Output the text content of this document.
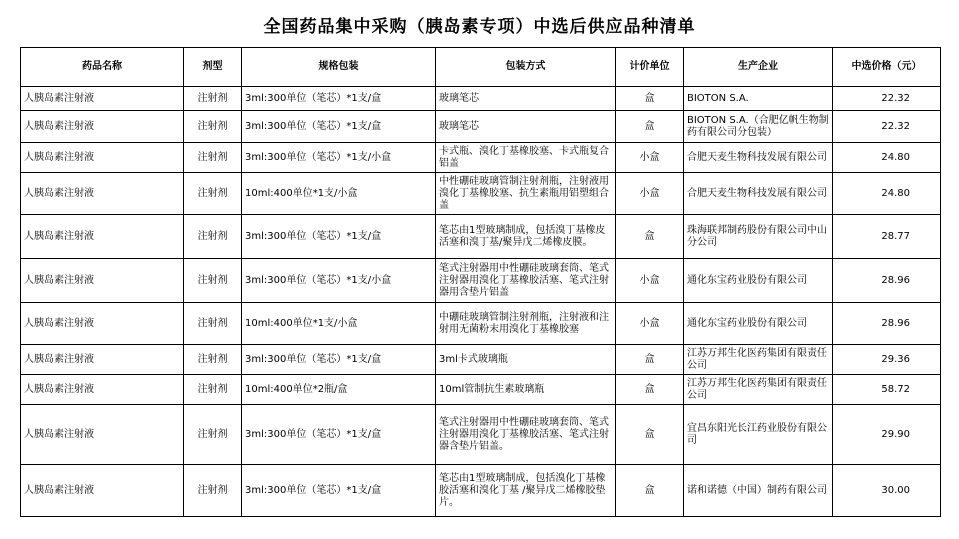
全国药品集中采购（胰岛素专项）中选后供应品种清单
药品名称	剂型	规格包装	包装方式	计价单位	生产企业	中选价格（元）
人胰岛素注射液	注射剂	3ml:300单位（笔芯）*1支/盒	玻璃笔芯	盒	BIOTON S.A.	22.32
人胰岛素注射液	注射剂	3ml:300单位（笔芯）*1支/盒	玻璃笔芯	盒	BIOTON S.A.（合肥亿帆生物制药有限公司分包装）	22.32
人胰岛素注射液	注射剂	3ml:300单位（笔芯）*1支/小盒	卡式瓶、溴化丁基橡胶塞、卡式瓶复合铝盖	小盒	合肥天麦生物科技发展有限公司	24.80
人胰岛素注射液	注射剂	10ml:400单位*1支/小盒	中性硼硅玻璃管制注射剂瓶，注射液用溴化丁基橡胶塞、抗生素瓶用铝塑组合盖	小盒	合肥天麦生物科技发展有限公司	24.80
人胰岛素注射液	注射剂	3ml:300单位（笔芯）*1支/盒	笔芯由1型玻璃制成，包括溴丁基橡皮活塞和溴丁基/聚异戊二烯橡皮膜。	盒	珠海联邦制药股份有限公司中山分公司	28.77
人胰岛素注射液	注射剂	3ml:300单位（笔芯）*1支/小盒	笔式注射器用中性硼硅玻璃套筒、笔式注射器用溴化丁基橡胶活塞、笔式注射器用含垫片铝盖	小盒	通化东宝药业股份有限公司	28.96
人胰岛素注射液	注射剂	10ml:400单位*1支/小盒	中硼硅玻璃管制注射剂瓶，注射液和注射用无菌粉末用溴化丁基橡胶塞	小盒	通化东宝药业股份有限公司	28.96
人胰岛素注射液	注射剂	3ml:300单位（笔芯）*1支/盒	3ml卡式玻璃瓶	盒	江苏万邦生化医药集团有限责任公司	29.36
人胰岛素注射液	注射剂	10ml:400单位*2瓶/盒	10ml管制抗生素玻璃瓶	盒	江苏万邦生化医药集团有限责任公司	58.72
人胰岛素注射液	注射剂	3ml:300单位（笔芯）*1支/盒	笔式注射器用中性硼硅玻璃套筒、笔式注射器用溴化丁基橡胶活塞、笔式注射器含垫片铝盖。	盒	宜昌东阳光长江药业股份有限公司	29.90
人胰岛素注射液	注射剂	3ml:300单位（笔芯）*1支/盒	笔芯由1型玻璃制成，包括溴化丁基橡胶活塞和溴化丁基 /聚异戊二烯橡胶垫片。	盒	诺和诺德（中国）制药有限公司	30.00
